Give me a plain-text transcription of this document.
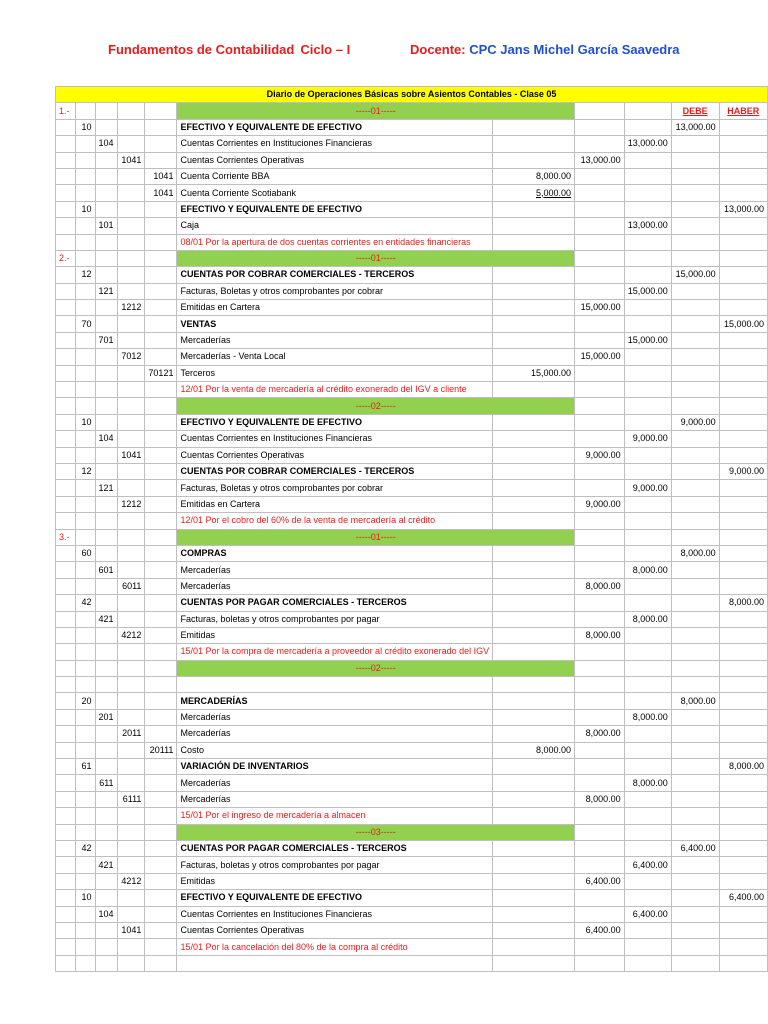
Fundamentos de Contabilidad Ciclo – I	Docente: CPC Jans Michel García Saavedra
Diario de Operaciones Básicas sobre Asientos Contables - Clase 05										
1.-					-----01-----				DEBE	HABER
	10				EFECTIVO Y EQUIVALENTE DE EFECTIVO				13,000.00	
		104			Cuentas Corrientes en Instituciones Financieras			13,000.00		
			1041		Cuentas Corrientes Operativas		13,000.00			
				1041	Cuenta Corriente BBA	8,000.00				
				1041	Cuenta Corriente Scotiabank	5,000.00				
	10				EFECTIVO Y EQUIVALENTE DE EFECTIVO					13,000.00
		101			Caja			13,000.00		
					08/01 Por la apertura de dos cuentas corrientes en entidades financieras					
2.-					-----01-----					
	12				CUENTAS POR COBRAR COMERCIALES - TERCEROS				15,000.00	
		121			Facturas, Boletas y otros comprobantes por cobrar			15,000.00		
			1212		Emitidas en Cartera		15,000.00			
	70				VENTAS					15,000.00
		701			Mercaderías			15,000.00		
			7012		Mercaderías - Venta Local		15,000.00			
				70121	Terceros	15,000.00				
					12/01 Por la venta de mercadería al crédito exonerado del IGV a cliente					
					-----02-----					
	10				EFECTIVO Y EQUIVALENTE DE EFECTIVO				9,000.00	
		104			Cuentas Corrientes en Instituciones Financieras			9,000.00		
			1041		Cuentas Corrientes Operativas		9,000.00			
	12				CUENTAS POR COBRAR COMERCIALES - TERCEROS					9,000.00
		121			Facturas, Boletas y otros comprobantes por cobrar			9,000.00		
			1212		Emitidas en Cartera		9,000.00			
					12/01 Por el cobro del 60% de la venta de mercadería al crédito					
3.-					-----01-----					
	60				COMPRAS				8,000.00	
		601			Mercaderías			8,000.00		
			6011		Mercaderías		8,000.00			
	42				CUENTAS POR PAGAR COMERCIALES - TERCEROS					8,000.00
		421			Facturas, boletas y otros comprobantes por pagar			8,000.00		
			4212		Emitidas		8,000.00			
					15/01 Por la compra de mercadería a proveedor al crédito exonerado del IGV					
					-----02-----					

	20				MERCADERÍAS				8,000.00	
		201			Mercaderías			8,000.00		
			2011		Mercaderías		8,000.00			
				20111	Costo	8,000.00				
	61				VARIACIÓN DE INVENTARIOS					8,000.00
		611			Mercaderías			8,000.00		
			6111		Mercaderías		8,000.00			
					15/01 Por el ingreso de mercadería a almacen					
					-----03-----					
	42				CUENTAS POR PAGAR COMERCIALES - TERCEROS				6,400.00	
		421			Facturas, boletas y otros comprobantes por pagar			6,400.00		
			4212		Emitidas		6,400.00			
	10				EFECTIVO Y EQUIVALENTE DE EFECTIVO					6,400.00
		104			Cuentas Corrientes en Instituciones Financieras			6,400.00		
			1041		Cuentas Corrientes Operativas		6,400.00			
					15/01 Por la cancelación del 80% de la compra al crédito					
